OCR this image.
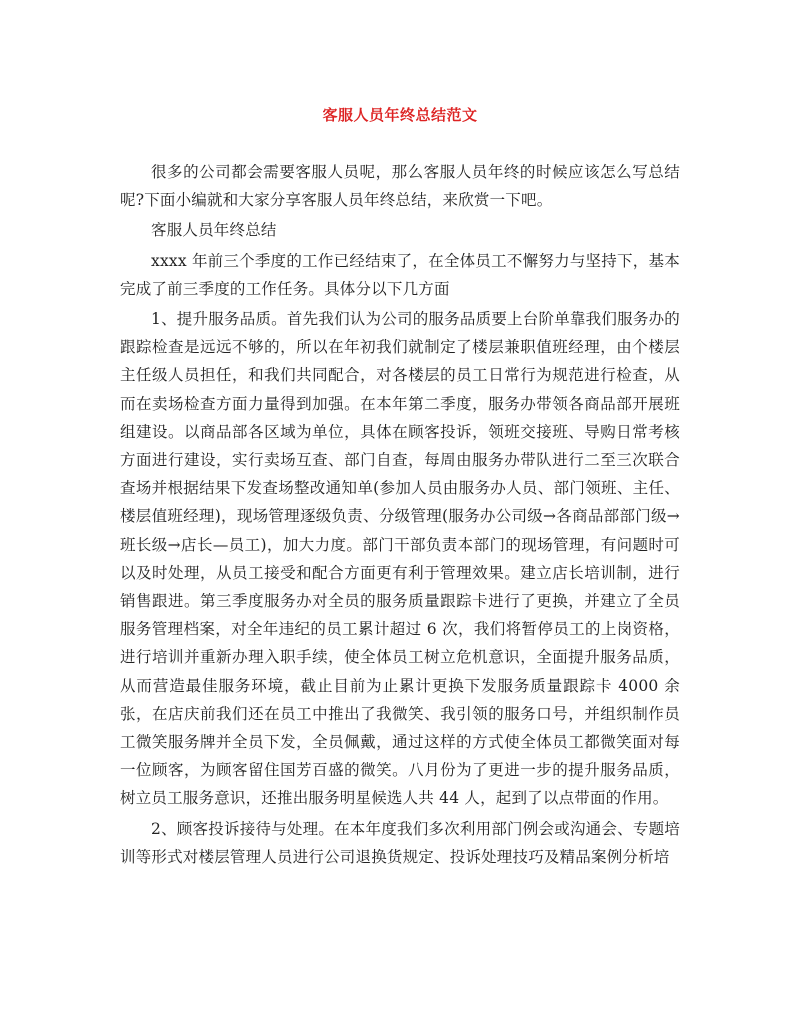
客服人员年终总结范文

很多的公司都会需要客服人员呢，那么客服人员年终的时候应该怎么写总结呢?下面小编就和大家分享客服人员年终总结，来欣赏一下吧。

客服人员年终总结

xxxx 年前三个季度的工作已经结束了，在全体员工不懈努力与坚持下，基本完成了前三季度的工作任务。具体分以下几方面

1、提升服务品质。首先我们认为公司的服务品质要上台阶单靠我们服务办的跟踪检查是远远不够的，所以在年初我们就制定了楼层兼职值班经理，由个楼层主任级人员担任，和我们共同配合，对各楼层的员工日常行为规范进行检查，从而在卖场检查方面力量得到加强。在本年第二季度，服务办带领各商品部开展班组建设。以商品部各区域为单位，具体在顾客投诉，领班交接班、导购日常考核方面进行建设，实行卖场互查、部门自查，每周由服务办带队进行二至三次联合查场并根据结果下发查场整改通知单(参加人员由服务办人员、部门领班、主任、楼层值班经理)，现场管理逐级负责、分级管理(服务办公司级→各商品部部门级→班长级→店长—员工)，加大力度。部门干部负责本部门的现场管理，有问题时可以及时处理，从员工接受和配合方面更有利于管理效果。建立店长培训制，进行销售跟进。第三季度服务办对全员的服务质量跟踪卡进行了更换，并建立了全员服务管理档案，对全年违纪的员工累计超过 6 次，我们将暂停员工的上岗资格，进行培训并重新办理入职手续，使全体员工树立危机意识，全面提升服务品质，从而营造最佳服务环境，截止目前为止累计更换下发服务质量跟踪卡 4000 余张，在店庆前我们还在员工中推出了我微笑、我引领的服务口号，并组织制作员工微笑服务牌并全员下发，全员佩戴，通过这样的方式使全体员工都微笑面对每一位顾客，为顾客留住国芳百盛的微笑。八月份为了更进一步的提升服务品质，树立员工服务意识，还推出服务明星候选人共 44 人，起到了以点带面的作用。

2、顾客投诉接待与处理。在本年度我们多次利用部门例会或沟通会、专题培训等形式对楼层管理人员进行公司退换货规定、投诉处理技巧及精品案例分析培
